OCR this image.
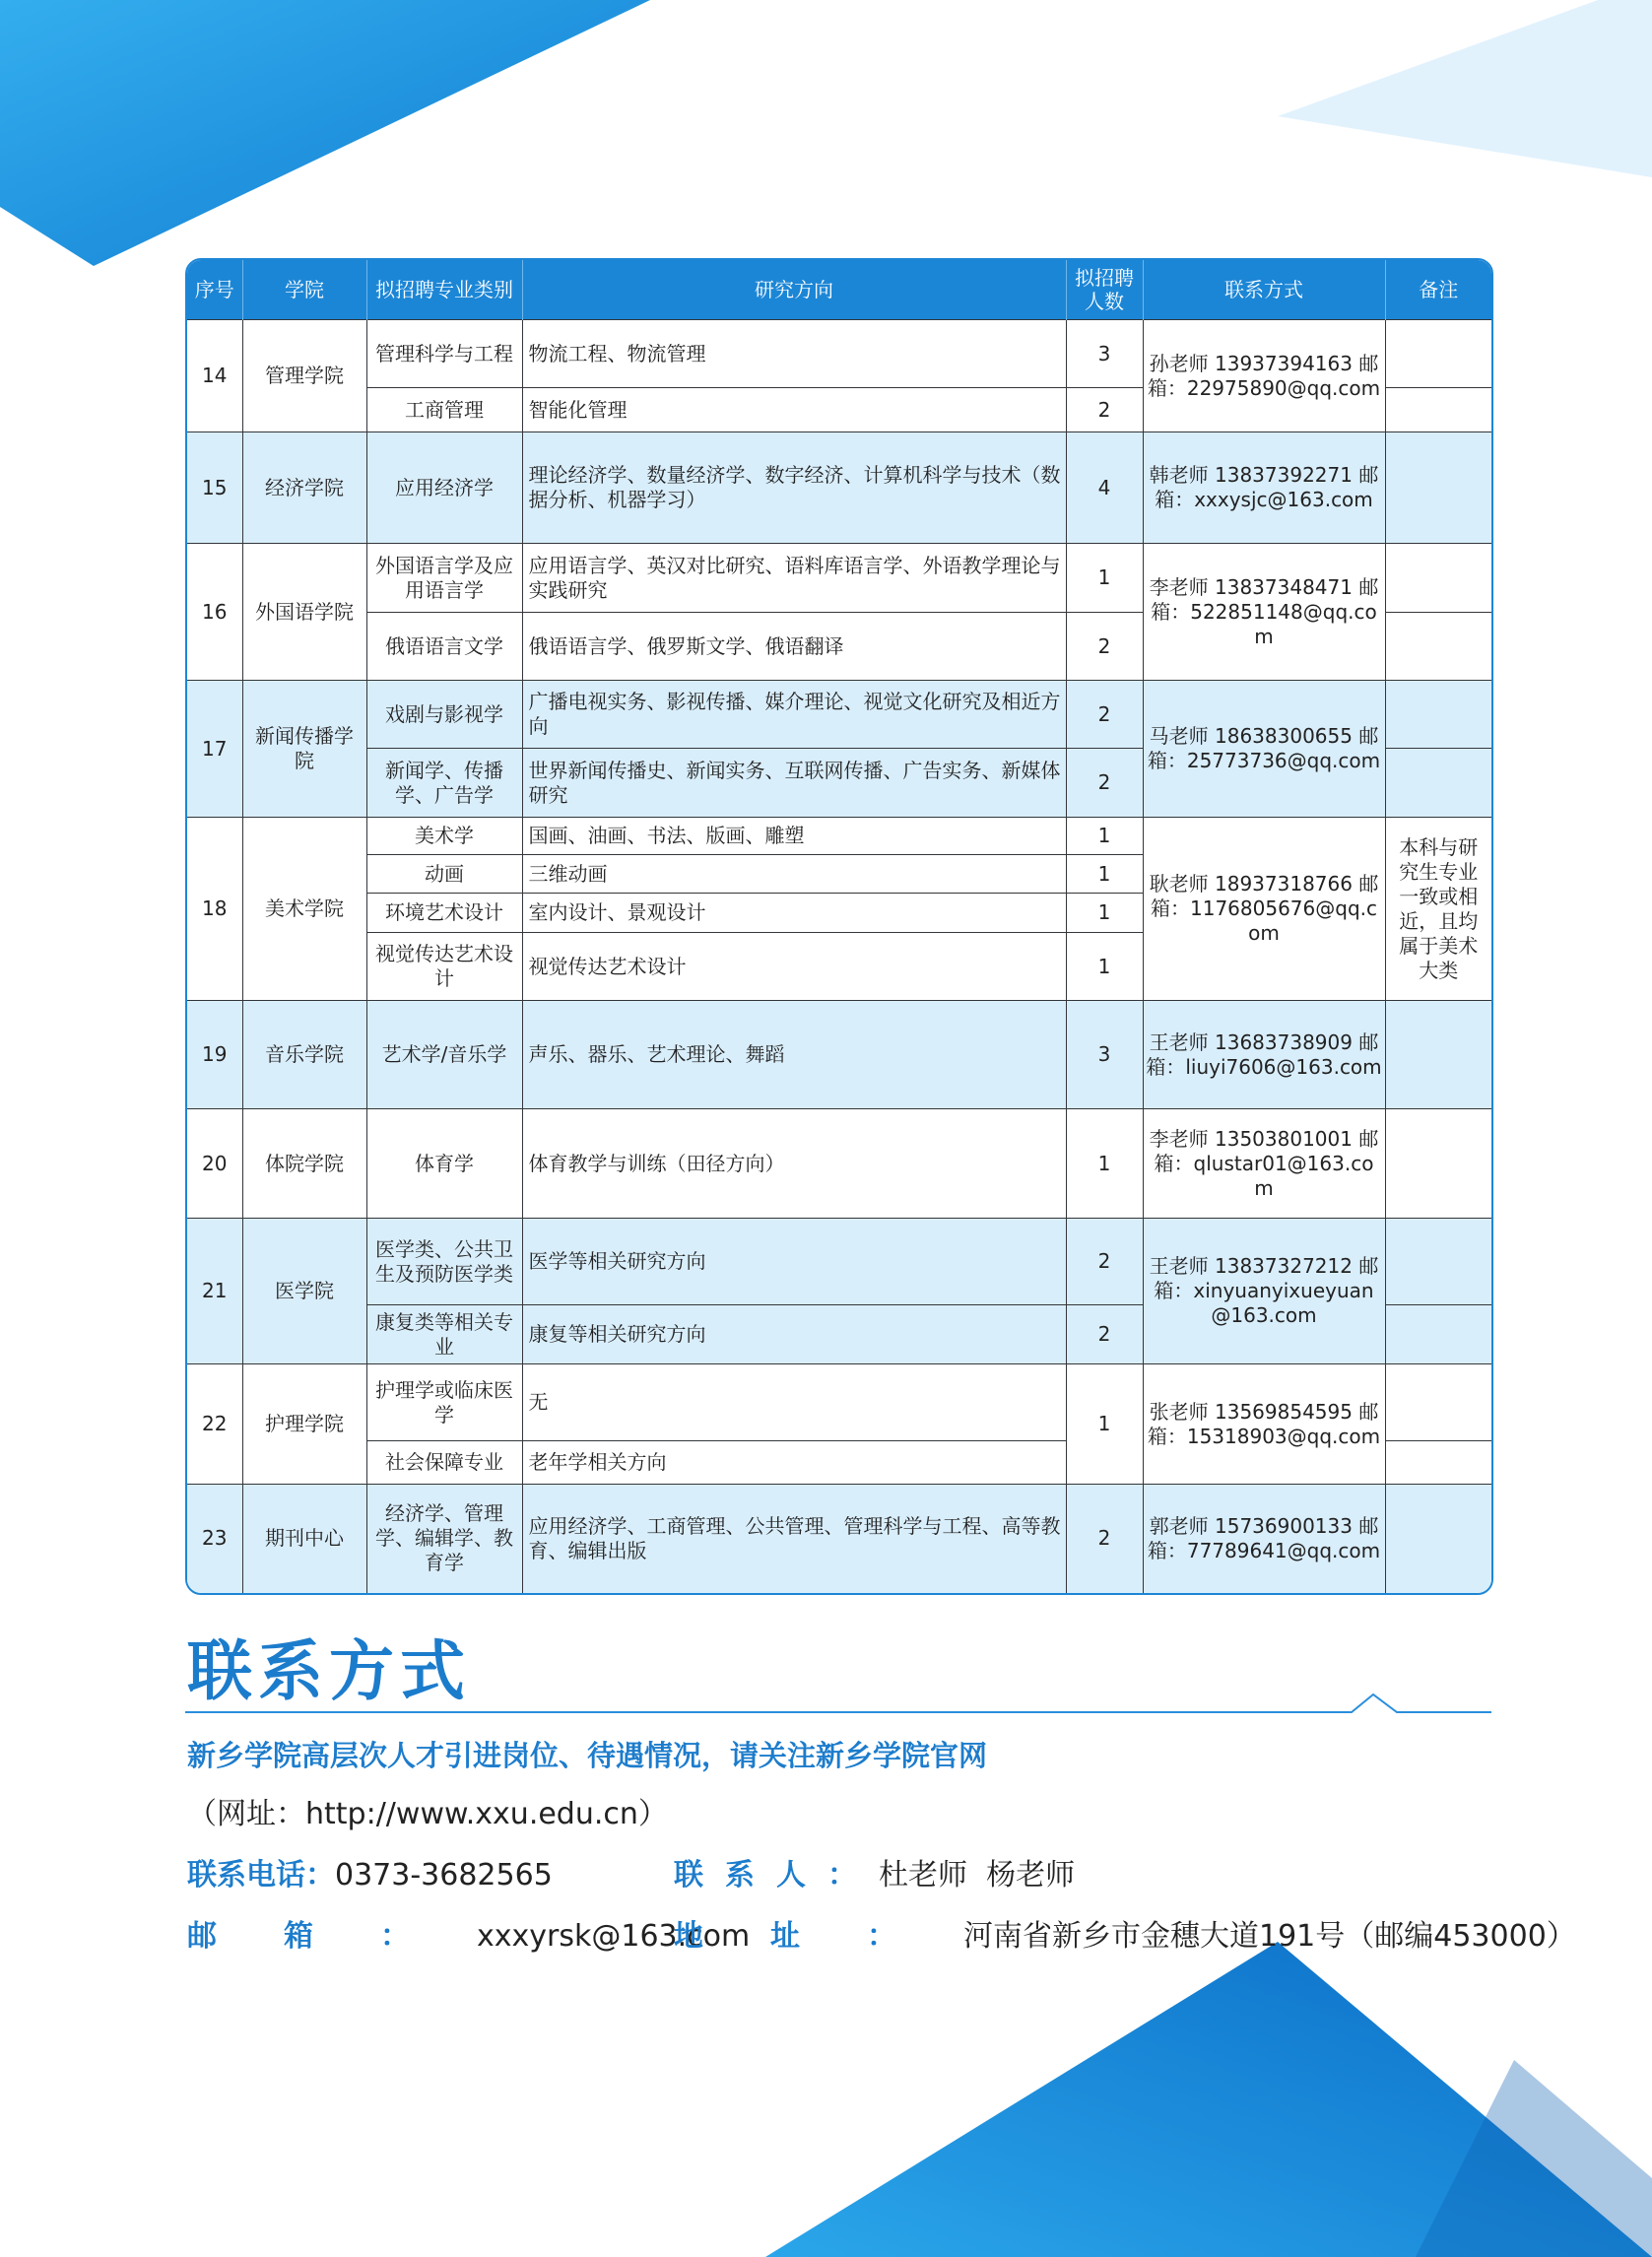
序号	学院	拟招聘专业类别	研究方向	拟招聘人数	联系方式	备注
14	管理学院	管理科学与工程	物流工程、物流管理	3	孙老师 13937394163 邮箱：22975890@qq.com	
		工商管理	智能化管理	2		
15	经济学院	应用经济学	理论经济学、数量经济学、数字经济、计算机科学与技术（数据分析、机器学习）	4	韩老师 13837392271 邮箱：xxxysjc@163.com	
16	外国语学院	外国语言学及应用语言学	应用语言学、英汉对比研究、语料库语言学、外语教学理论与实践研究	1	李老师 13837348471 邮箱：522851148@qq.com	
		俄语语言文学	俄语语言学、俄罗斯文学、俄语翻译	2		
17	新闻传播学院	戏剧与影视学	广播电视实务、影视传播、媒介理论、视觉文化研究及相近方向	2	马老师 18638300655 邮箱：25773736@qq.com	
		新闻学、传播学、广告学	世界新闻传播史、新闻实务、互联网传播、广告实务、新媒体研究	2		
18	美术学院	美术学	国画、油画、书法、版画、雕塑	1	耿老师 18937318766 邮箱：1176805676@qq.com	本科与研究生专业一致或相近，且均属于美术大类
		动画	三维动画	1		
		环境艺术设计	室内设计、景观设计	1		
		视觉传达艺术设计	视觉传达艺术设计	1		
19	音乐学院	艺术学/音乐学	声乐、器乐、艺术理论、舞蹈	3	王老师 13683738909 邮箱：liuyi7606@163.com	
20	体院学院	体育学	体育教学与训练（田径方向）	1	李老师 13503801001 邮箱：qlustar01@163.com	
21	医学院	医学类、公共卫生及预防医学类	医学等相关研究方向	2	王老师 13837327212 邮箱：xinyuanyixueyuan@163.com	
		康复类等相关专业	康复等相关研究方向	2		
22	护理学院	护理学或临床医学	无	1	张老师 13569854595 邮箱：15318903@qq.com	
		社会保障专业	老年学相关方向			
23	期刊中心	经济学、管理学、编辑学、教育学	应用经济学、工商管理、公共管理、管理科学与工程、高等教育、编辑出版	2	郭老师 15736900133 邮箱：77789641@qq.com	
联系方式

新乡学院高层次人才引进岗位、待遇情况，请关注新乡学院官网

（网址：http://www.xxu.edu.cn）
联系电话：0373-3682565	联系人：杜老师  杨老师
邮箱：xxxyrsk@163.com
地址：河南省新乡市金穗大道191号（邮编453000）
